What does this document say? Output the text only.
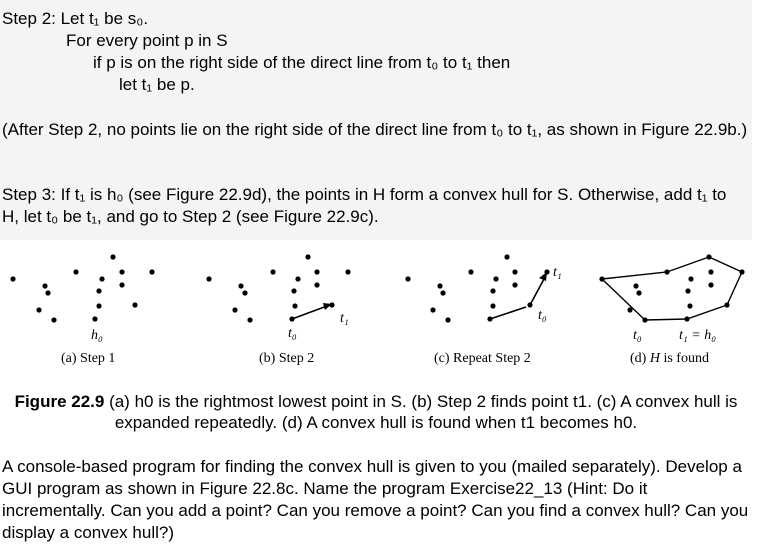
Step 2: Let t₁ be s₀.
For every point p in S
if p is on the right side of the direct line from t₀ to t₁ then
let t₁ be p.
(After Step 2, no points lie on the right side of the direct line from t₀ to t₁, as shown in Figure 22.9b.)
Step 3: If t₁ is h₀ (see Figure 22.9d), the points in H form a convex hull for S. Otherwise, add t₁ to H, let t₀ be t₁, and go to Step 2 (see Figure 22.9c).
h₀	t₀
t₁	t₀
t₁
t₀	t₁ = h₀
(a) Step 1	(b) Step 2	(c) Repeat Step 2	(d) H is found
Figure 22.9 (a) h0 is the rightmost lowest point in S. (b) Step 2 finds point t1. (c) A convex hull is expanded repeatedly. (d) A convex hull is found when t1 becomes h0.
A console-based program for finding the convex hull is given to you (mailed separately). Develop a GUI program as shown in Figure 22.8c. Name the program Exercise22_13 (Hint: Do it incrementally. Can you add a point? Can you remove a point? Can you find a convex hull? Can you display a convex hull?)
